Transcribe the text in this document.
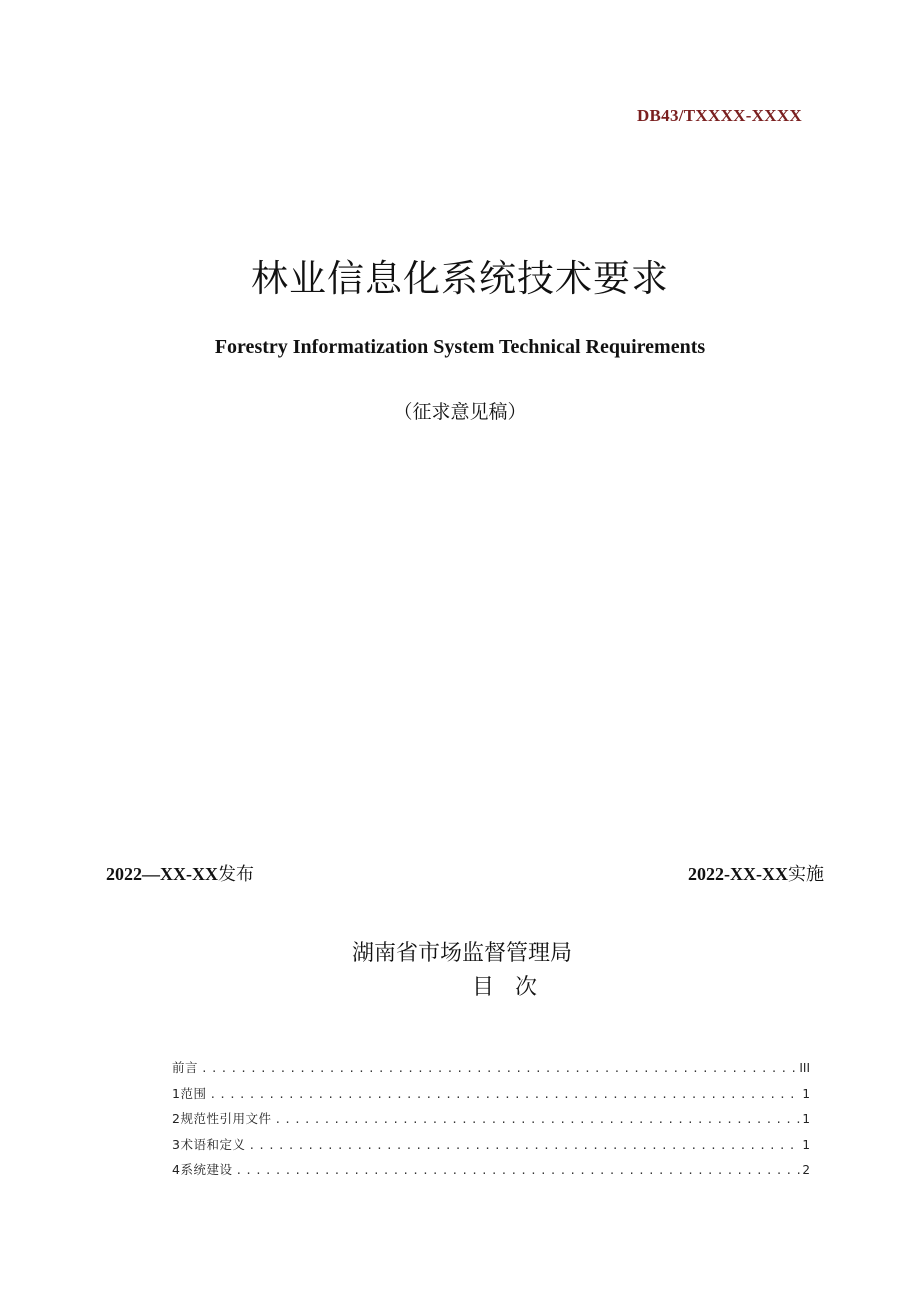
DB43/TXXXX-XXXX
林业信息化系统技术要求
Forestry Informatization System Technical Requirements
（征求意见稿）
2022—XX-XX发布	2022-XX-XX实施
湖南省市场监督管理局
目 次
前言 .....	III
1范围 .....	1
2规范性引用文件 .....	1
3术语和定义 .....	1
4系统建设 .....	2
